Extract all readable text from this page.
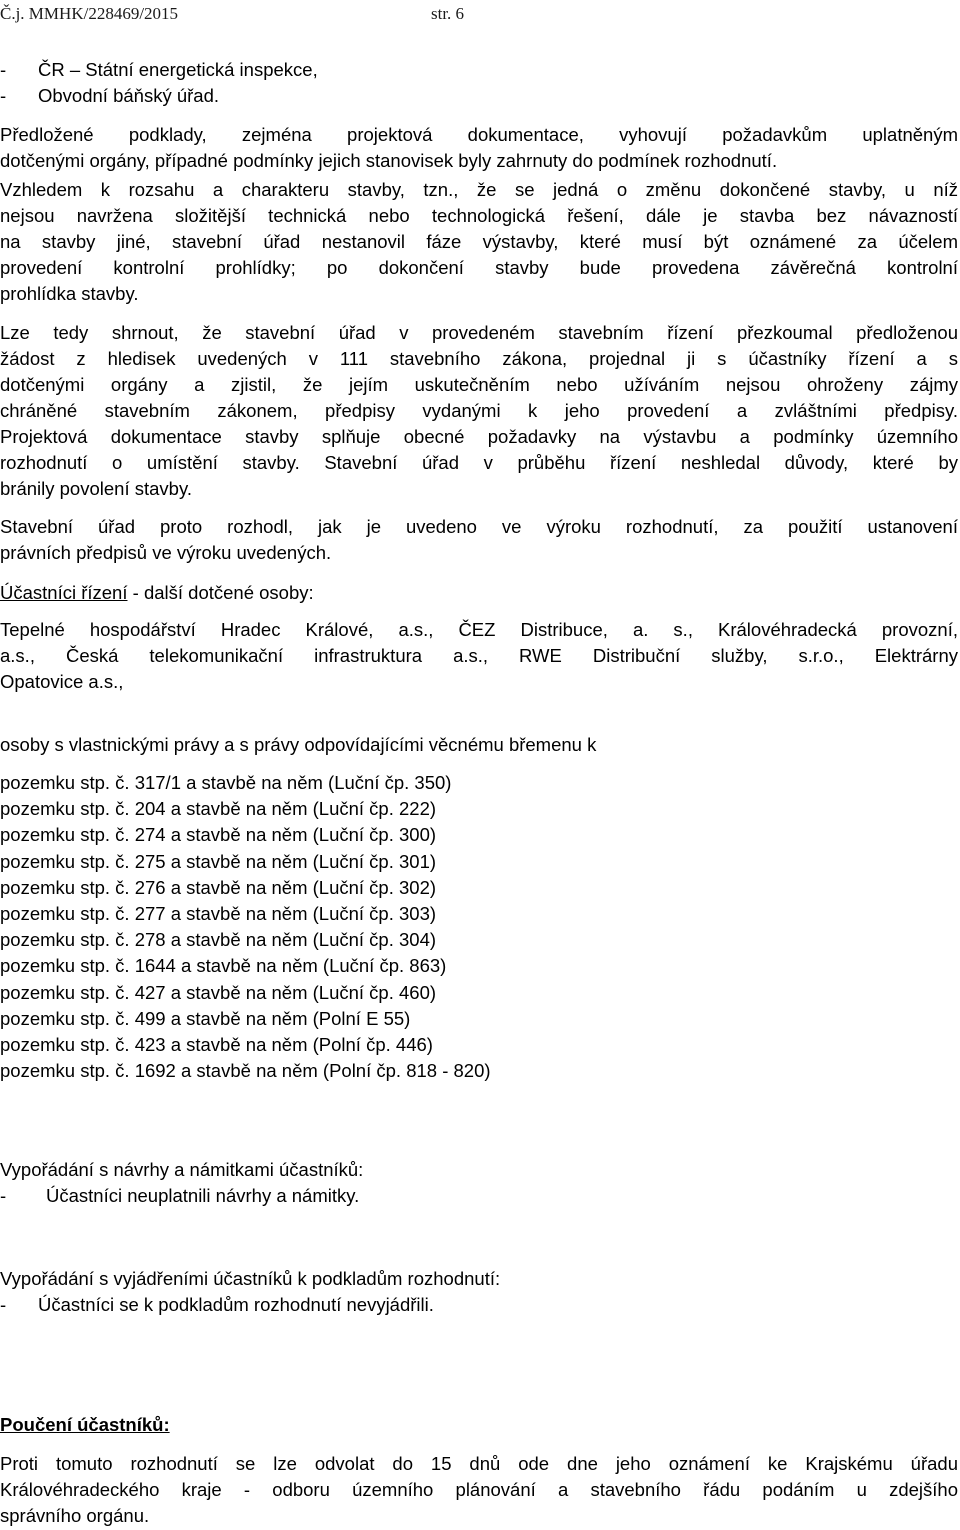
Č.j. MMHK/228469/2015	str. 6
- ČR – Státní energetická inspekce,
- Obvodní báňský úřad.
Předložené podklady, zejména projektová dokumentace, vyhovují požadavkům uplatněným
dotčenými orgány, případné podmínky jejich stanovisek byly zahrnuty do podmínek rozhodnutí.
Vzhledem k rozsahu a charakteru stavby, tzn., že se jedná o změnu dokončené stavby, u níž
nejsou navržena složitější technická nebo technologická řešení, dále je stavba bez návazností
na stavby jiné, stavební úřad nestanovil fáze výstavby, které musí být oznámené za účelem
provedení kontrolní prohlídky; po dokončení stavby bude provedena závěrečná kontrolní
prohlídka stavby.
Lze tedy shrnout, že stavební úřad v provedeném stavebním řízení přezkoumal předloženou
žádost z hledisek uvedených v 111 stavebního zákona, projednal ji s účastníky řízení a s
dotčenými orgány a zjistil, že jejím uskutečněním nebo užíváním nejsou ohroženy zájmy
chráněné stavebním zákonem, předpisy vydanými k jeho provedení a zvláštními předpisy.
Projektová dokumentace stavby splňuje obecné požadavky na výstavbu a podmínky územního
rozhodnutí o umístění stavby. Stavební úřad v průběhu řízení neshledal důvody, které by
bránily povolení stavby.
Stavební úřad proto rozhodl, jak je uvedeno ve výroku rozhodnutí, za použití ustanovení
právních předpisů ve výroku uvedených.
Účastníci řízení - další dotčené osoby:
Tepelné hospodářství Hradec Králové, a.s., ČEZ Distribuce, a. s., Královéhradecká provozní,
a.s., Česká telekomunikační infrastruktura a.s., RWE Distribuční služby, s.r.o., Elektrárny
Opatovice a.s.,
osoby s vlastnickými právy a s právy odpovídajícími věcnému břemenu k
pozemku stp. č. 317/1 a stavbě na něm (Luční čp. 350)
pozemku stp. č. 204 a stavbě na něm (Luční čp. 222)
pozemku stp. č. 274 a stavbě na něm (Luční čp. 300)
pozemku stp. č. 275 a stavbě na něm (Luční čp. 301)
pozemku stp. č. 276 a stavbě na něm (Luční čp. 302)
pozemku stp. č. 277 a stavbě na něm (Luční čp. 303)
pozemku stp. č. 278 a stavbě na něm (Luční čp. 304)
pozemku stp. č. 1644 a stavbě na něm (Luční čp. 863)
pozemku stp. č. 427 a stavbě na něm (Luční čp. 460)
pozemku stp. č. 499 a stavbě na něm (Polní E 55)
pozemku stp. č. 423 a stavbě na něm (Polní čp. 446)
pozemku stp. č. 1692 a stavbě na něm (Polní čp. 818 - 820)
Vypořádání s návrhy a námitkami účastníků:
- Účastníci neuplatnili návrhy a námitky.
Vypořádání s vyjádřeními účastníků k podkladům rozhodnutí:
- Účastníci se k podkladům rozhodnutí nevyjádřili.
Poučení účastníků:
Proti tomuto rozhodnutí se lze odvolat do 15 dnů ode dne jeho oznámení ke Krajskému úřadu
Královéhradeckého kraje - odboru územního plánování a stavebního řádu podáním u zdejšího
správního orgánu.
